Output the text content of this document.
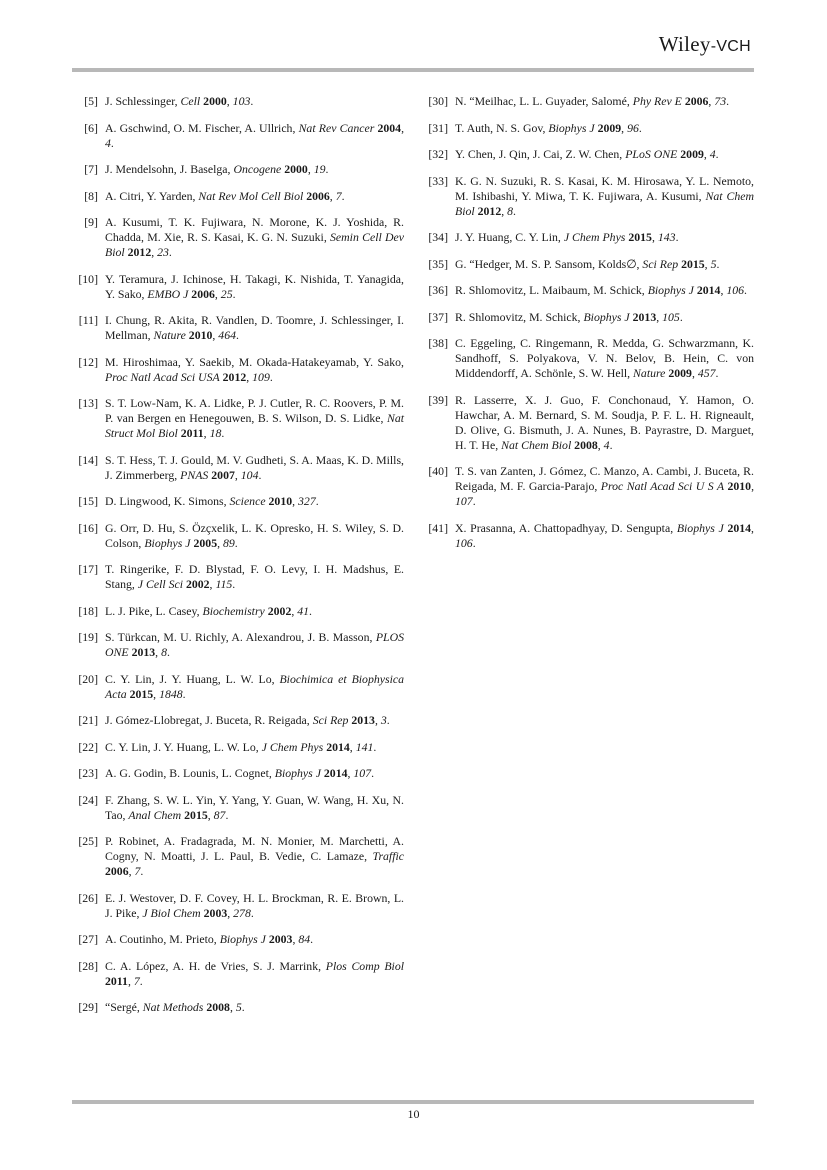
Wiley-VCH
[5] J. Schlessinger, Cell 2000, 103.
[6] A. Gschwind, O. M. Fischer, A. Ullrich, Nat Rev Cancer 2004, 4.
[7] J. Mendelsohn, J. Baselga, Oncogene 2000, 19.
[8] A. Citri, Y. Yarden, Nat Rev Mol Cell Biol 2006, 7.
[9] A. Kusumi, T. K. Fujiwara, N. Morone, K. J. Yoshida, R. Chadda, M. Xie, R. S. Kasai, K. G. N. Suzuki, Semin Cell Dev Biol 2012, 23.
[10] Y. Teramura, J. Ichinose, H. Takagi, K. Nishida, T. Yanagida, Y. Sako, EMBO J 2006, 25.
[11] I. Chung, R. Akita, R. Vandlen, D. Toomre, J. Schlessinger, I. Mellman, Nature 2010, 464.
[12] M. Hiroshimaa, Y. Saekib, M. Okada-Hatakeyamab, Y. Sako, Proc Natl Acad Sci USA 2012, 109.
[13] S. T. Low-Nam, K. A. Lidke, P. J. Cutler, R. C. Roovers, P. M. P. van Bergen en Henegouwen, B. S. Wilson, D. S. Lidke, Nat Struct Mol Biol 2011, 18.
[14] S. T. Hess, T. J. Gould, M. V. Gudheti, S. A. Maas, K. D. Mills, J. Zimmerberg, PNAS 2007, 104.
[15] D. Lingwood, K. Simons, Science 2010, 327.
[16] G. Orr, D. Hu, S. Özçxelik, L. K. Opresko, H. S. Wiley, S. D. Colson, Biophys J 2005, 89.
[17] T. Ringerike, F. D. Blystad, F. O. Levy, I. H. Madshus, E. Stang, J Cell Sci 2002, 115.
[18] L. J. Pike, L. Casey, Biochemistry 2002, 41.
[19] S. Türkcan, M. U. Richly, A. Alexandrou, J. B. Masson, PLOS ONE 2013, 8.
[20] C. Y. Lin, J. Y. Huang, L. W. Lo, Biochimica et Biophysica Acta 2015, 1848.
[21] J. Gómez-Llobregat, J. Buceta, R. Reigada, Sci Rep 2013, 3.
[22] C. Y. Lin, J. Y. Huang, L. W. Lo, J Chem Phys 2014, 141.
[23] A. G. Godin, B. Lounis, L. Cognet, Biophys J 2014, 107.
[24] F. Zhang, S. W. L. Yin, Y. Yang, Y. Guan, W. Wang, H. Xu, N. Tao, Anal Chem 2015, 87.
[25] P. Robinet, A. Fradagrada, M. N. Monier, M. Marchetti, A. Cogny, N. Moatti, J. L. Paul, B. Vedie, C. Lamaze, Traffic 2006, 7.
[26] E. J. Westover, D. F. Covey, H. L. Brockman, R. E. Brown, L. J. Pike, J Biol Chem 2003, 278.
[27] A. Coutinho, M. Prieto, Biophys J 2003, 84.
[28] C. A. López, A. H. de Vries, S. J. Marrink, Plos Comp Biol 2011, 7.
[29] “Sergé, Nat Methods 2008, 5.
[30] N. “Meilhac, L. L. Guyader, Salomé, Phy Rev E 2006, 73.
[31] T. Auth, N. S. Gov, Biophys J 2009, 96.
[32] Y. Chen, J. Qin, J. Cai, Z. W. Chen, PLoS ONE 2009, 4.
[33] K. G. N. Suzuki, R. S. Kasai, K. M. Hirosawa, Y. L. Nemoto, M. Ishibashi, Y. Miwa, T. K. Fujiwara, A. Kusumi, Nat Chem Biol 2012, 8.
[34] J. Y. Huang, C. Y. Lin, J Chem Phys 2015, 143.
[35] G. “Hedger, M. S. P. Sansom, Kolds∅, Sci Rep 2015, 5.
[36] R. Shlomovitz, L. Maibaum, M. Schick, Biophys J 2014, 106.
[37] R. Shlomovitz, M. Schick, Biophys J 2013, 105.
[38] C. Eggeling, C. Ringemann, R. Medda, G. Schwarzmann, K. Sandhoff, S. Polyakova, V. N. Belov, B. Hein, C. von Middendorff, A. Schönle, S. W. Hell, Nature 2009, 457.
[39] R. Lasserre, X. J. Guo, F. Conchonaud, Y. Hamon, O. Hawchar, A. M. Bernard, S. M. Soudja, P. F. L. H. Rigneault, D. Olive, G. Bismuth, J. A. Nunes, B. Payrastre, D. Marguet, H. T. He, Nat Chem Biol 2008, 4.
[40] T. S. van Zanten, J. Gómez, C. Manzo, A. Cambi, J. Buceta, R. Reigada, M. F. Garcia-Parajo, Proc Natl Acad Sci U S A 2010, 107.
[41] X. Prasanna, A. Chattopadhyay, D. Sengupta, Biophys J 2014, 106.
10
